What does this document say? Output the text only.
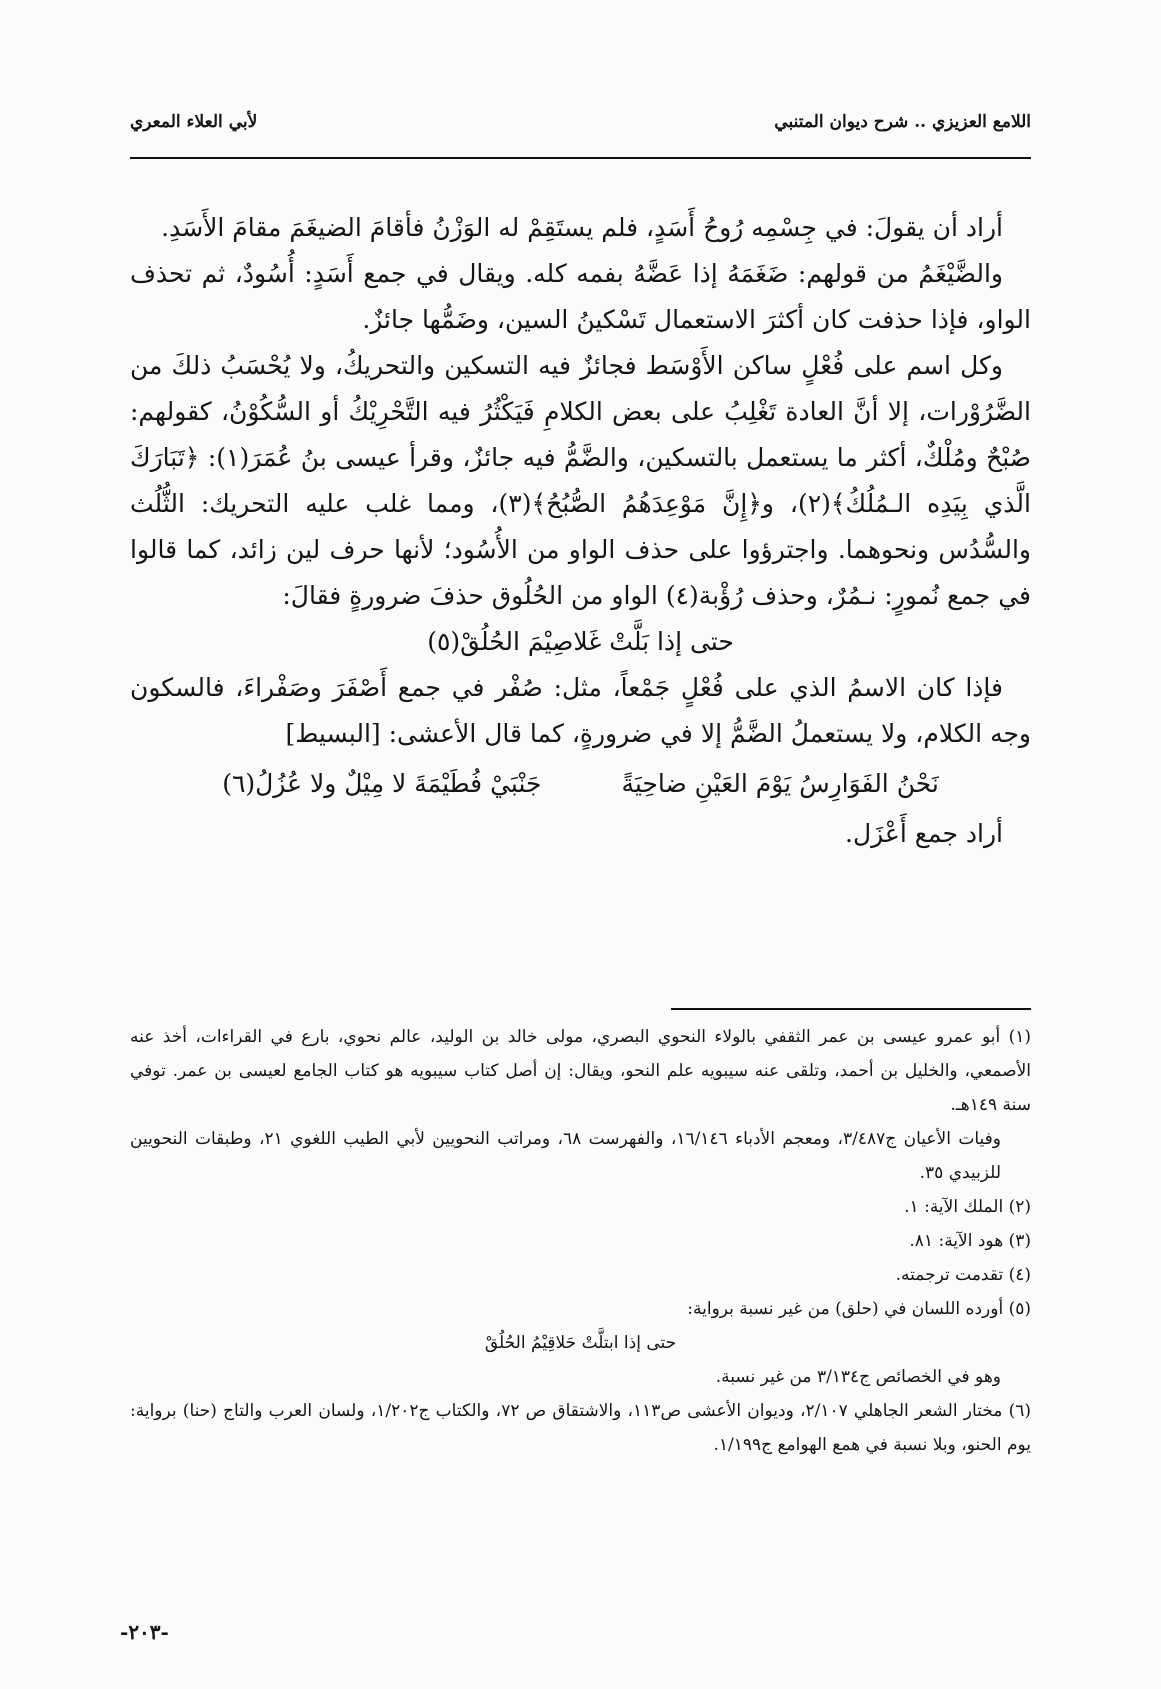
اللامع العزيزي .. شرح ديوان المتنبي
لأبي العلاء المعري

أراد أن يقولَ: في جِسْمِه رُوحُ أَسَدٍ، فلم يستَقِمْ له الوَزْنُ فأقامَ الضيغَمَ مقامَ الأَسَدِ.

والضَّيْغَمُ من قولهم: ضَغَمَهُ إذا عَضَّهُ بفمه كله. ويقال في جمع أَسَدٍ: أُسُودٌ، ثم تحذف الواو، فإذا حذفت كان أكثرَ الاستعمال تَسْكينُ السين، وضَمُّها جائزٌ.

وكل اسم على فُعْلٍ ساكن الأَوْسَط فجائزٌ فيه التسكين والتحريكُ، ولا يُحْسَبُ ذلكَ من الضَّرُوْرات، إلا أنَّ العادة تَغْلِبُ على بعض الكلامِ فَيَكْثُرُ فيه التَّحْرِيْكُ أو السُّكُوْنُ، كقولهم: صُبْحٌ ومُلْكٌ، أكثر ما يستعمل بالتسكين، والضَّمُّ فيه جائزٌ، وقرأ عيسى بنُ عُمَرَ(١): ﴿تَبَارَكَ الَّذي بِيَدِه الـمُلُكُ﴾(٢)، و﴿إِنَّ مَوْعِدَهُمُ الصُّبُحُ﴾(٣)، ومما غلب عليه التحريك: الثُّلُث والسُّدُس ونحوهما. واجترؤوا على حذف الواو من الأُسُود؛ لأنها حرف لين زائد، كما قالوا في جمع نُمورٍ: نـمُرٌ، وحذف رُؤْبة(٤) الواو من الحُلُوق حذفَ ضرورةٍ فقالَ:

حتى إذا بَلَّتْ غَلاصِيْمَ الحُلُقْ(٥)

فإذا كان الاسمُ الذي على فُعْلٍ جَمْعاً، مثل: صُفْر في جمع أَصْفَرَ وصَفْراءَ، فالسكون وجه الكلام، ولا يستعملُ الضَّمُّ إلا في ضرورةٍ، كما قال الأعشى: [البسيط]

نَحْنُ الفَوَارِسُ يَوْمَ العَيْنِ ضاحِيَةً
جَنْبَيْ فُطَيْمَةَ لا مِيْلٌ ولا عُزُلُ(٦)

أراد جمع أَعْزَل.

(١) أبو عمرو عيسى بن عمر الثقفي بالولاء النحوي البصري، مولى خالد بن الوليد، عالم نحوي، بارع في القراءات، أخذ عنه الأصمعي، والخليل بن أحمد، وتلقى عنه سيبويه علم النحو، ويقال: إن أصل كتاب سيبويه هو كتاب الجامع لعيسى بن عمر. توفي سنة ١٤٩هـ.

وفيات الأعيان ج٣/٤٨٧، ومعجم الأدباء ١٦/١٤٦، والفهرست ٦٨، ومراتب النحويين لأبي الطيب اللغوي ٢١، وطبقات النحويين للزبيدي ٣٥.

(٢) الملك الآية: ١.

(٣) هود الآية: ٨١.

(٤) تقدمت ترجمته.

(٥) أورده اللسان في (حلق) من غير نسبة برواية:

حتى إذا ابتلَّتْ حَلاقِيْمُ الحُلُقْ

وهو في الخصائص ج٣/١٣٤ من غير نسبة.

(٦) مختار الشعر الجاهلي ٢/١٠٧، وديوان الأعشى ص١١٣، والاشتقاق ص ٧٢، والكتاب ج١/٢٠٢، ولسان العرب والتاج (حنا) برواية: يوم الحنو، وبلا نسبة في همع الهوامع ج١/١٩٩.

-٢٠٣-
